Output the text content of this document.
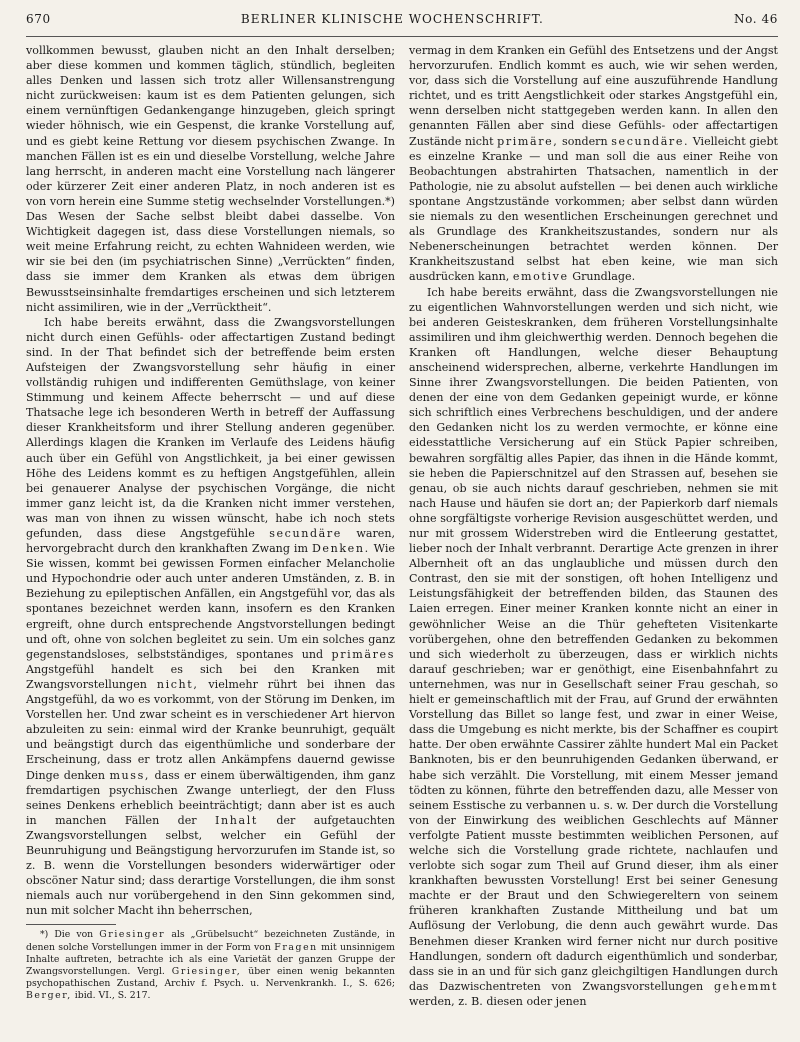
670	BERLINER KLINISCHE WOCHENSCHRIFT.	No. 46

vollkommen bewusst, glauben nicht an den Inhalt derselben; aber diese kommen und kommen täglich, stündlich, begleiten alles Denken und lassen sich trotz aller Willensanstrengung nicht zurückweisen: kaum ist es dem Patienten gelungen, sich einem vernünftigen Gedankengange hinzugeben, gleich springt wieder höhnisch, wie ein Gespenst, die kranke Vorstellung auf, und es giebt keine Rettung vor diesem psychischen Zwange. In manchen Fällen ist es ein und dieselbe Vorstellung, welche Jahre lang herrscht, in anderen macht eine Vorstellung nach längerer oder kürzerer Zeit einer anderen Platz, in noch anderen ist es von vorn herein eine Summe stetig wechselnder Vorstellungen.*) Das Wesen der Sache selbst bleibt dabei dasselbe. Von Wichtigkeit dagegen ist, dass diese Vorstellungen niemals, so weit meine Erfahrung reicht, zu echten Wahnideen werden, wie wir sie bei den (im psychiatrischen Sinne) „Verrückten“ finden, dass sie immer dem Kranken als etwas dem übrigen Bewusstseinsinhalte fremdartiges erscheinen und sich letzterem nicht assimiliren, wie in der „Verrücktheit“.

Ich habe bereits erwähnt, dass die Zwangsvorstellungen nicht durch einen Gefühls- oder affectartigen Zustand bedingt sind. In der That befindet sich der betreffende beim ersten Aufsteigen der Zwangsvorstellung sehr häufig in einer vollständig ruhigen und indifferenten Gemüthslage, von keiner Stimmung und keinem Affecte beherrscht — und auf diese Thatsache lege ich besonderen Werth in betreff der Auffassung dieser Krankheitsform und ihrer Stellung anderen gegenüber. Allerdings klagen die Kranken im Verlaufe des Leidens häufig auch über ein Gefühl von Angstlichkeit, ja bei einer gewissen Höhe des Leidens kommt es zu heftigen Angstgefühlen, allein bei genauerer Analyse der psychischen Vorgänge, die nicht immer ganz leicht ist, da die Kranken nicht immer verstehen, was man von ihnen zu wissen wünscht, habe ich noch stets gefunden, dass diese Angstgefühle secundäre waren, hervorgebracht durch den krankhaften Zwang im Denken. Wie Sie wissen, kommt bei gewissen Formen einfacher Melancholie und Hypochondrie oder auch unter anderen Umständen, z. B. in Beziehung zu epileptischen Anfällen, ein Angstgefühl vor, das als spontanes bezeichnet werden kann, insofern es den Kranken ergreift, ohne durch entsprechende Angstvorstellungen bedingt und oft, ohne von solchen begleitet zu sein. Um ein solches ganz gegenstandsloses, selbstständiges, spontanes und primäres Angstgefühl handelt es sich bei den Kranken mit Zwangsvorstellungen nicht, vielmehr rührt bei ihnen das Angstgefühl, da wo es vorkommt, von der Störung im Denken, im Vorstellen her. Und zwar scheint es in verschiedener Art hiervon abzuleiten zu sein: einmal wird der Kranke beunruhigt, gequält und beängstigt durch das eigenthümliche und sonderbare der Erscheinung, dass er trotz allen Ankämpfens dauernd gewisse Dinge denken muss, dass er einem überwältigenden, ihm ganz fremdartigen psychischen Zwange unterliegt, der den Fluss seines Denkens erheblich beeinträchtigt; dann aber ist es auch in manchen Fällen der Inhalt der aufgetauchten Zwangsvorstellungen selbst, welcher ein Gefühl der Beunruhigung und Beängstigung hervorzurufen im Stande ist, so z. B. wenn die Vorstellungen besonders widerwärtiger oder obscöner Natur sind; dass derartige Vorstellungen, die ihm sonst niemals auch nur vorübergehend in den Sinn gekommen sind, nun mit solcher Macht ihn beherrschen,

*) Die von Griesinger als „Grübelsucht“ bezeichneten Zustände, in denen solche Vorstellungen immer in der Form von Fragen mit unsinnigem Inhalte auftreten, betrachte ich als eine Varietät der ganzen Gruppe der Zwangsvorstellungen. Vergl. Griesinger, über einen wenig bekannten psychopathischen Zustand, Archiv f. Psych. u. Nervenkrankh. I., S. 626; Berger, ibid. VI., S. 217.

vermag in dem Kranken ein Gefühl des Entsetzens und der Angst hervorzurufen. Endlich kommt es auch, wie wir sehen werden, vor, dass sich die Vorstellung auf eine auszuführende Handlung richtet, und es tritt Aengstlichkeit oder starkes Angstgefühl ein, wenn derselben nicht stattgegeben werden kann. In allen den genannten Fällen aber sind diese Gefühls- oder affectartigen Zustände nicht primäre, sondern secundäre. Vielleicht giebt es einzelne Kranke — und man soll die aus einer Reihe von Beobachtungen abstrahirten Thatsachen, namentlich in der Pathologie, nie zu absolut aufstellen — bei denen auch wirkliche spontane Angstzustände vorkommen; aber selbst dann würden sie niemals zu den wesentlichen Erscheinungen gerechnet und als Grundlage des Krankheitszustandes, sondern nur als Nebenerscheinungen betrachtet werden können. Der Krankheitszustand selbst hat eben keine, wie man sich ausdrücken kann, emotive Grundlage.

Ich habe bereits erwähnt, dass die Zwangsvorstellungen nie zu eigentlichen Wahnvorstellungen werden und sich nicht, wie bei anderen Geisteskranken, dem früheren Vorstellungsinhalte assimiliren und ihm gleichwerthig werden. Dennoch begehen die Kranken oft Handlungen, welche dieser Behauptung anscheinend widersprechen, alberne, verkehrte Handlungen im Sinne ihrer Zwangsvorstellungen. Die beiden Patienten, von denen der eine von dem Gedanken gepeinigt wurde, er könne sich schriftlich eines Verbrechens beschuldigen, und der andere den Gedanken nicht los zu werden vermochte, er könne eine eidesstattliche Versicherung auf ein Stück Papier schreiben, bewahren sorgfältig alles Papier, das ihnen in die Hände kommt, sie heben die Papierschnitzel auf den Strassen auf, besehen sie genau, ob sie auch nichts darauf geschrieben, nehmen sie mit nach Hause und häufen sie dort an; der Papierkorb darf niemals ohne sorgfältigste vorherige Revision ausgeschüttet werden, und nur mit grossem Widerstreben wird die Entleerung gestattet, lieber noch der Inhalt verbrannt. Derartige Acte grenzen in ihrer Albernheit oft an das unglaubliche und müssen durch den Contrast, den sie mit der sonstigen, oft hohen Intelligenz und Leistungsfähigkeit der betreffenden bilden, das Staunen des Laien erregen. Einer meiner Kranken konnte nicht an einer in gewöhnlicher Weise an die Thür gehefteten Visitenkarte vorübergehen, ohne den betreffenden Gedanken zu bekommen und sich wiederholt zu überzeugen, dass er wirklich nichts darauf geschrieben; war er genöthigt, eine Eisenbahnfahrt zu unternehmen, was nur in Gesellschaft seiner Frau geschah, so hielt er gemeinschaftlich mit der Frau, auf Grund der erwähnten Vorstellung das Billet so lange fest, und zwar in einer Weise, dass die Umgebung es nicht merkte, bis der Schaffner es coupirt hatte. Der oben erwähnte Cassirer zählte hundert Mal ein Packet Banknoten, bis er den beunruhigenden Gedanken überwand, er habe sich verzählt. Die Vorstellung, mit einem Messer jemand tödten zu können, führte den betreffenden dazu, alle Messer von seinem Esstische zu verbannen u. s. w. Der durch die Vorstellung von der Einwirkung des weiblichen Geschlechts auf Männer verfolgte Patient musste bestimmten weiblichen Personen, auf welche sich die Vorstellung grade richtete, nachlaufen und verlobte sich sogar zum Theil auf Grund dieser, ihm als einer krankhaften bewussten Vorstellung! Erst bei seiner Genesung machte er der Braut und den Schwiegereltern von seinem früheren krankhaften Zustande Mittheilung und bat um Auflösung der Verlobung, die denn auch gewährt wurde. Das Benehmen dieser Kranken wird ferner nicht nur durch positive Handlungen, sondern oft dadurch eigenthümlich und sonderbar, dass sie in an und für sich ganz gleichgiltigen Handlungen durch das Dazwischentreten von Zwangsvorstellungen gehemmt werden, z. B. diesen oder jenen
